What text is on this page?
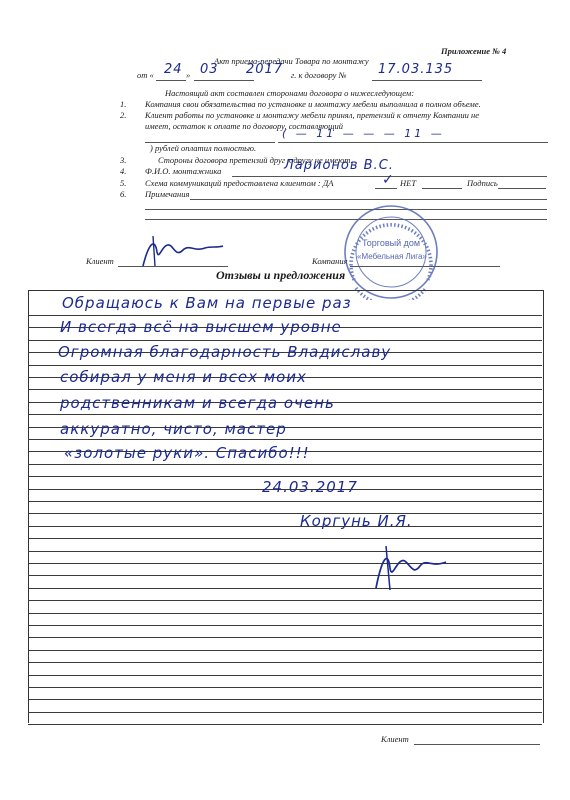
Приложение № 4
Акт приема-передачи Товара по монтажу
от « 24 » 03 2017 г. к договору № 17.03.135
Настоящий акт составлен сторонами договора о нижеследующем:
1. Компания свои обязательства по установке и монтажу мебели выполнила в полном объеме.
2. Клиент работы по установке и монтажу мебели принял, претензий к отчету Компании не
имеет, остаток к оплате по договору, составляющий
( — 11 — — — 11 —
) рублей оплатил полностью.
3.	Стороны договора претензий друг к другу не имеют.
4. Ф.И.О. монтажника	Ларионов В.С.
5. Схема коммуникаций предоставлена клиентом : ДА	✓ НЕТ	Подпись
6. Примечания
Клиент	Компания
Торговый дом
«Мебельная Лига»
Отзывы и предложения
Обращаюсь к Вам на первые раз
И всегда всё на высшем уровне
Огромная благодарность Владиславу
собирал у меня и всех моих
родственникам и всегда очень
аккуратно, чисто, мастер
«золотые руки». Спасибо!!!
24.03.2017
Коргунь И.Я.
Клиент
